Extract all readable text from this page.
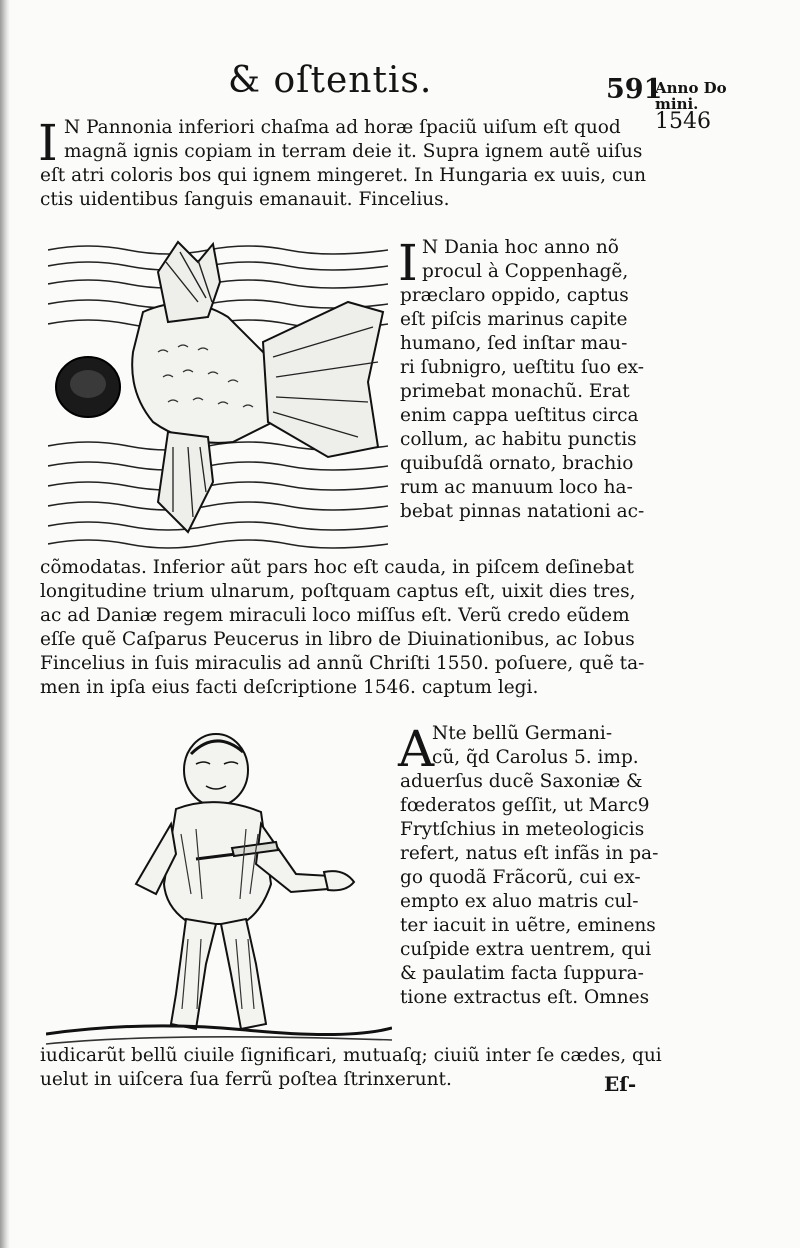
& oſtentis.	591
Anno Do
mini.
1546
I N Pannonia inferiori chaſma ad horæ ſpaciũ uiſum eſt quod
magnã ignis copiam in terram deie it. Supra ignem autẽ uiſus
eſt atri coloris bos qui ignem mingeret. In Hungaria ex uuis, cun
ctis uidentibus ſanguis emanauit. Fincelius.
I N Dania hoc anno nõ
procul à Coppenhagẽ,
præclaro oppido, captus
eſt piſcis marinus capite
humano, ſed inſtar mau-
ri ſubnigro, ueſtitu ſuo ex-
primebat monachũ. Erat
enim cappa ueſtitus circa
collum, ac habitu punctis
quibuſdã ornato, brachio
rum ac manuum loco ha-
bebat pinnas natationi ac-
cõmodatas. Inferior aũt pars hoc eſt cauda, in piſcem deſinebat
longitudine trium ulnarum, poſtquam captus eſt, uixit dies tres,
ac ad Daniæ regem miraculi loco miſſus eſt. Verũ credo eũdem
eſſe quẽ Caſparus Peucerus in libro de Diuinationibus, ac Iobus
Fincelius in ſuis miraculis ad annũ Chriſti 1550. poſuere, quẽ ta-
men in ipſa eius facti deſcriptione 1546. captum legi.
A
Nte bellũ Germani-
cũ, q̃d Carolus 5. imp.
aduerſus ducẽ Saxoniæ &
fœderatos geſſit, ut Marc9
Frytſchius in meteologicis
refert, natus eſt infãs in pa-
go quodã Frãcorũ, cui ex-
empto ex aluo matris cul-
ter iacuit in uẽtre, eminens
cuſpide extra uentrem, qui
& paulatim facta ſuppura-
tione extractus eſt. Omnes
iudicarũt bellũ ciuile ſignificari, mutuaſq; ciuiũ inter ſe cædes, qui
uelut in uiſcera ſua ferrũ poſtea ſtrinxerunt.	Eſ-
